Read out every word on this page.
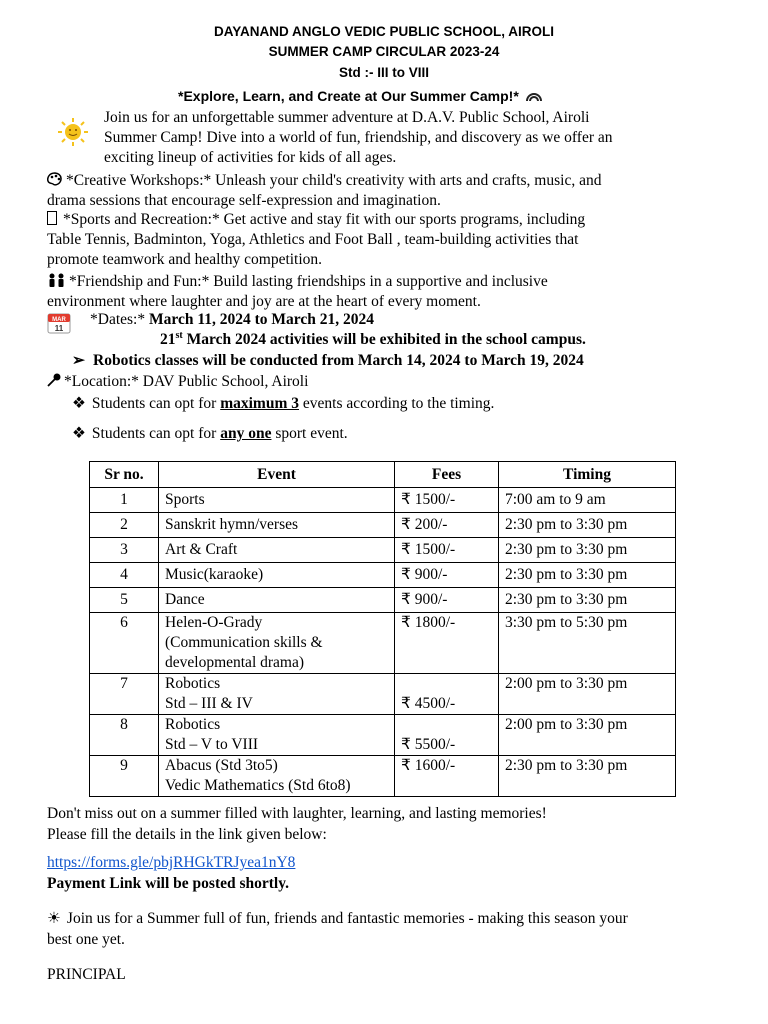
DAYANAND ANGLO VEDIC PUBLIC SCHOOL, AIROLI
SUMMER CAMP CIRCULAR 2023-24
Std :- III to VIII
*Explore, Learn, and Create at Our Summer Camp!*
Join us for an unforgettable summer adventure at D.A.V. Public School, Airoli
Summer Camp! Dive into a world of fun, friendship, and discovery as we offer an
exciting lineup of activities for kids of all ages.
*Creative Workshops:* Unleash your child's creativity with arts and crafts, music, and
drama sessions that encourage self-expression and imagination.
*Sports and Recreation:* Get active and stay fit with our sports programs, including
Table Tennis, Badminton, Yoga, Athletics and Foot Ball , team-building activities that
promote teamwork and healthy competition.
*Friendship and Fun:* Build lasting friendships in a supportive and inclusive
environment where laughter and joy are at the heart of every moment.
MAR
11
*Dates:* March 11, 2024 to March 21, 2024
21st March 2024 activities will be exhibited in the school campus.
➢ Robotics classes will be conducted from March 14, 2024 to March 19, 2024
*Location:* DAV Public School, Airoli
❖ Students can opt for maximum 3 events according to the timing.
❖ Students can opt for any one sport event.
Sr no.	Event	Fees	Timing
1	Sports	₹ 1500/-	7:00 am to 9 am
2	Sanskrit hymn/verses	₹ 200/-	2:30 pm to 3:30 pm
3	Art & Craft	₹ 1500/-	2:30 pm to 3:30 pm
4	Music(karaoke)	₹ 900/-	2:30 pm to 3:30 pm
5	Dance	₹ 900/-	2:30 pm to 3:30 pm
6	Helen-O-Grady
(Communication skills &
developmental drama)	₹ 1800/-	3:30 pm to 5:30 pm
7	Robotics
Std – III & IV	₹ 4500/-	2:00 pm to 3:30 pm
8	Robotics
Std – V to VIII	₹ 5500/-	2:00 pm to 3:30 pm
9	Abacus (Std 3to5)
Vedic Mathematics (Std 6to8)	₹ 1600/-	2:30 pm to 3:30 pm
Don't miss out on a summer filled with laughter, learning, and lasting memories!
Please fill the details in the link given below:
https://forms.gle/pbjRHGkTRJyea1nY8
Payment Link will be posted shortly.
☀ Join us for a Summer full of fun, friends and fantastic memories - making this season your
best one yet.
PRINCIPAL
